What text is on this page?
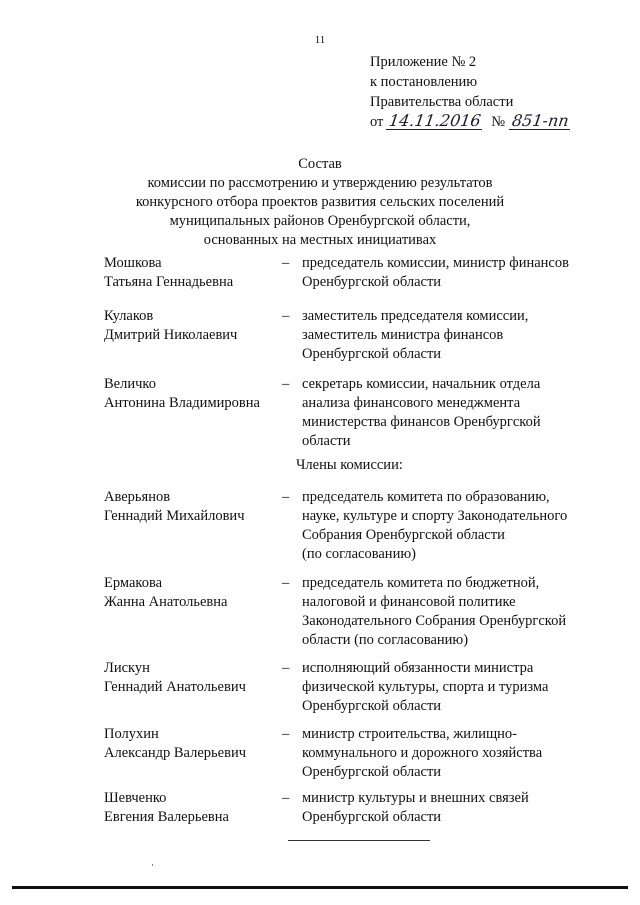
11
Приложение № 2
к постановлению
Правительства области
от 14.11.2016 № 851-пп
Состав
комиссии по рассмотрению и утверждению результатов
конкурсного отбора проектов развития сельских поселений
муниципальных районов Оренбургской области,
основанных на местных инициативах
Члены комиссии:
Мошкова
Татьяна Геннадьевна
– председатель комиссии, министр финансов
Оренбургской области
Кулаков
Дмитрий Николаевич
– заместитель председателя комиссии,
заместитель министра финансов
Оренбургской области
Величко
Антонина Владимировна
– секретарь комиссии, начальник отдела
анализа финансового менеджмента
министерства финансов Оренбургской
области
Аверьянов
Геннадий Михайлович
– председатель комитета по образованию,
науке, культуре и спорту Законодательного
Собрания Оренбургской области
(по согласованию)
Ермакова
Жанна Анатольевна
– председатель комитета по бюджетной,
налоговой и финансовой политике
Законодательного Собрания Оренбургской
области (по согласованию)
Лискун
Геннадий Анатольевич
– исполняющий обязанности министра
физической культуры, спорта и туризма
Оренбургской области
Полухин
Александр Валерьевич
– министр строительства, жилищно-
коммунального и дорожного хозяйства
Оренбургской области
Шевченко
Евгения Валерьевна
– министр культуры и внешних связей
Оренбургской области
